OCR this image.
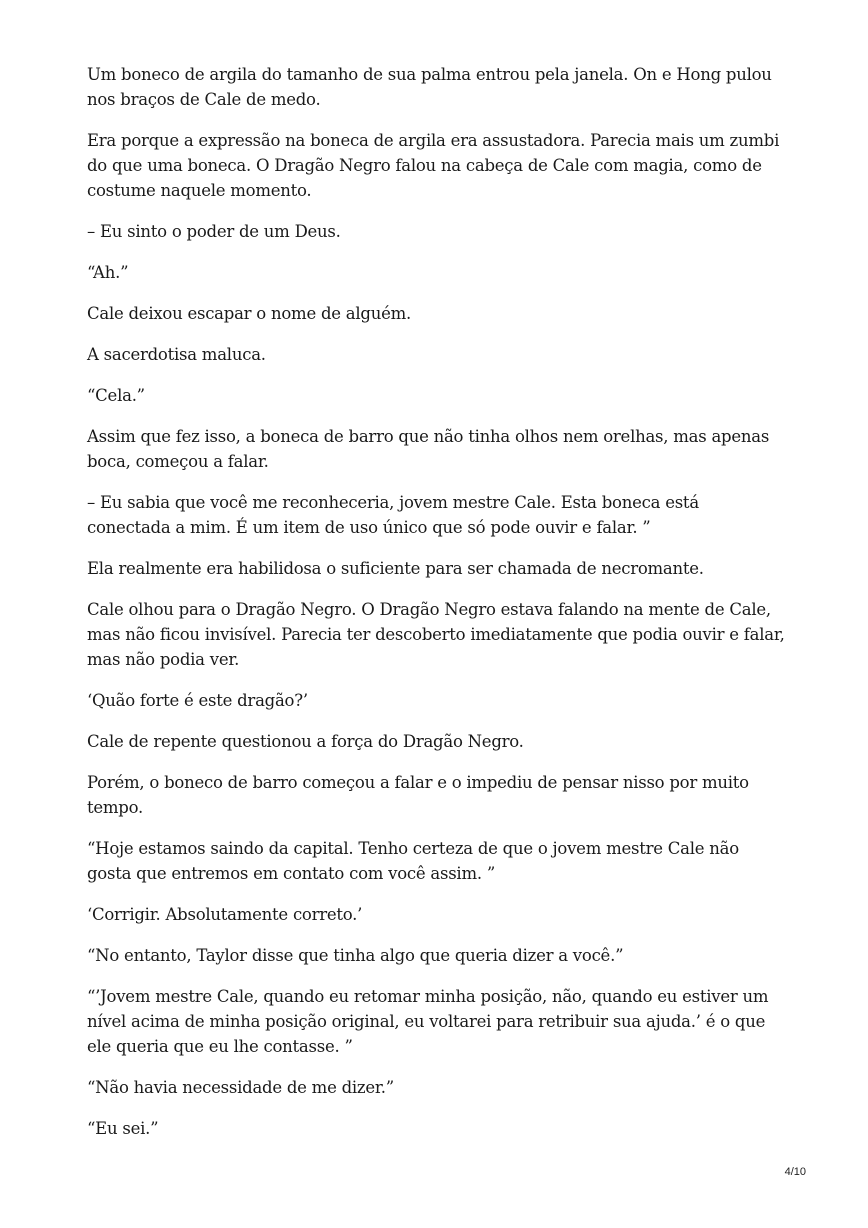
Um boneco de argila do tamanho de sua palma entrou pela janela. On e Hong pulou nos braços de Cale de medo.

Era porque a expressão na boneca de argila era assustadora. Parecia mais um zumbi do que uma boneca. O Dragão Negro falou na cabeça de Cale com magia, como de costume naquele momento.

– Eu sinto o poder de um Deus.

“Ah.”

Cale deixou escapar o nome de alguém.

A sacerdotisa maluca.

“Cela.”

Assim que fez isso, a boneca de barro que não tinha olhos nem orelhas, mas apenas boca, começou a falar.

– Eu sabia que você me reconheceria, jovem mestre Cale. Esta boneca está conectada a mim. É um item de uso único que só pode ouvir e falar. ”

Ela realmente era habilidosa o suficiente para ser chamada de necromante.

Cale olhou para o Dragão Negro. O Dragão Negro estava falando na mente de Cale, mas não ficou invisível. Parecia ter descoberto imediatamente que podia ouvir e falar, mas não podia ver.

‘Quão forte é este dragão?’

Cale de repente questionou a força do Dragão Negro.

Porém, o boneco de barro começou a falar e o impediu de pensar nisso por muito tempo.

“Hoje estamos saindo da capital. Tenho certeza de que o jovem mestre Cale não gosta que entremos em contato com você assim. ”

‘Corrigir. Absolutamente correto.’

“No entanto, Taylor disse que tinha algo que queria dizer a você.”

“’Jovem mestre Cale, quando eu retomar minha posição, não, quando eu estiver um nível acima de minha posição original, eu voltarei para retribuir sua ajuda.’ é o que ele queria que eu lhe contasse. ”

“Não havia necessidade de me dizer.”

“Eu sei.”

4/10
